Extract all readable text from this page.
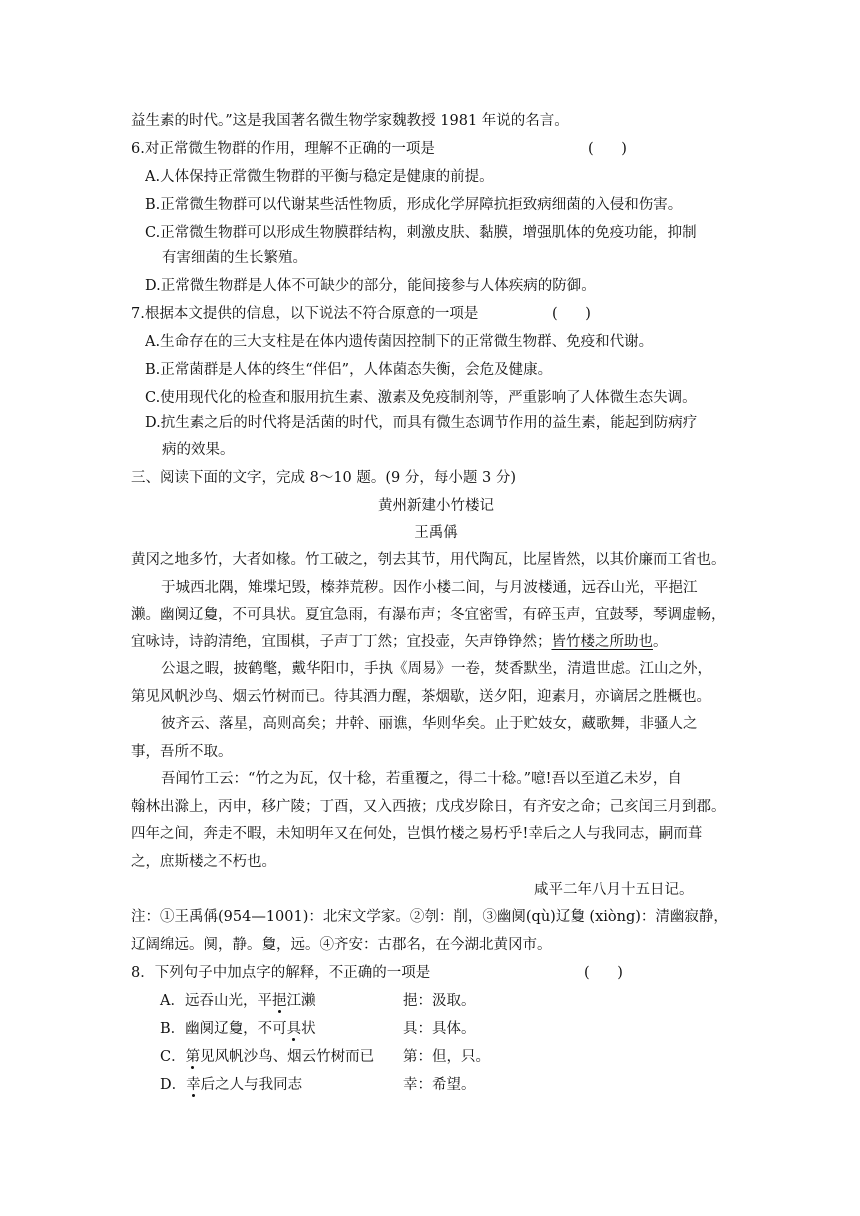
益生素的时代。”这是我国著名微生物学家魏教授 1981 年说的名言。
6.对正常微生物群的作用，理解不正确的一项是	(      )
A.人体保持正常微生物群的平衡与稳定是健康的前提。
B.正常微生物群可以代谢某些活性物质，形成化学屏障抗拒致病细菌的入侵和伤害。
C.正常微生物群可以形成生物膜群结构，刺激皮肤、黏膜，增强肌体的免疫功能，抑制
有害细菌的生长繁殖。
D.正常微生物群是人体不可缺少的部分，能间接参与人体疾病的防御。
7.根据本文提供的信息，以下说法不符合原意的一项是	(      )
A.生命存在的三大支柱是在体内遗传菌因控制下的正常微生物群、免疫和代谢。
B.正常菌群是人体的终生“伴侣”，人体菌态失衡，会危及健康。
C.使用现代化的检查和服用抗生素、激素及免疫制剂等，严重影响了人体微生态失调。
D.抗生素之后的时代将是活菌的时代，而具有微生态调节作用的益生素，能起到防病疗
病的效果。
三、阅读下面的文字，完成 8～10 题。(9 分，每小题 3 分)
黄州新建小竹楼记
王禹偁
黄冈之地多竹，大者如椽。竹工破之，刳去其节，用代陶瓦，比屋皆然，以其价廉而工省也。
于城西北隅，雉堞圮毁，榛莽荒秽。因作小楼二间，与月波楼通，远吞山光，平挹江
濑。幽阒辽敻，不可具状。夏宜急雨，有瀑布声；冬宜密雪，有碎玉声，宜鼓琴，琴调虚畅，
宜咏诗，诗韵清绝，宜围棋，子声丁丁然；宜投壶，矢声铮铮然；皆竹楼之所助也。
公退之暇，披鹤氅，戴华阳巾，手执《周易》一卷，焚香默坐，清遣世虑。江山之外，
第见风帆沙鸟、烟云竹树而已。待其酒力醒，茶烟歇，送夕阳，迎素月，亦谪居之胜概也。
彼齐云、落星，高则高矣；井幹、丽谯，华则华矣。止于贮妓女，藏歌舞，非骚人之
事，吾所不取。
吾闻竹工云：“竹之为瓦，仅十稔，若重覆之，得二十稔。”噫!吾以至道乙未岁，自
翰林出滁上，丙申，移广陵；丁酉，又入西掖；戊戌岁除日，有齐安之命；己亥闰三月到郡。
四年之间，奔走不暇，未知明年又在何处，岂惧竹楼之易朽乎!幸后之人与我同志，嗣而葺
之，庶斯楼之不朽也。
咸平二年八月十五日记。
注：①王禹偁(954—1001)：北宋文学家。②刳：削，③幽阒(qù)辽敻 (xiòng)：清幽寂静，
辽阔绵远。阒，静。敻，远。④齐安：古郡名，在今湖北黄冈市。
8．下列句子中加点字的解释，不正确的一项是	(      )
A．远吞山光，平挹江濑	挹：汲取。
B．幽阒辽敻，不可具状	具：具体。
C．第见风帆沙鸟、烟云竹树而已 第：但，只。
D．幸后之人与我同志	幸：希望。
